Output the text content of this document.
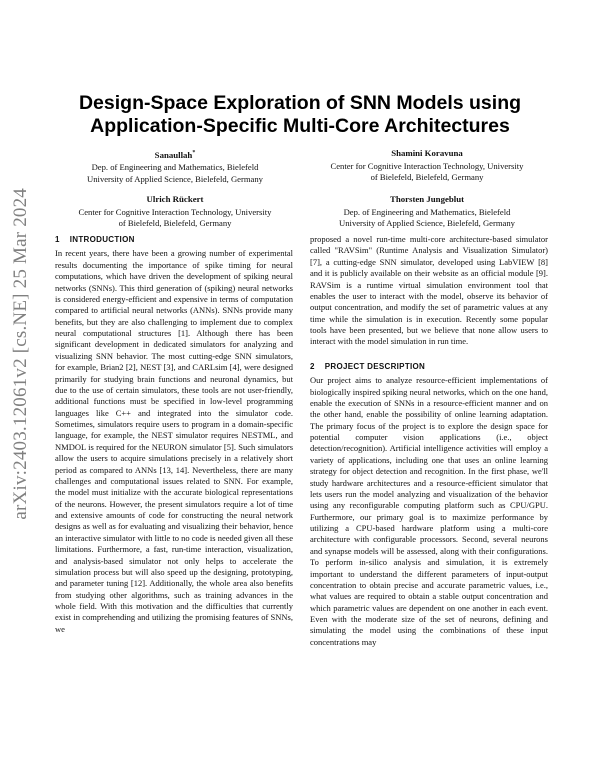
arXiv:2403.12061v2 [cs.NE] 25 Mar 2024
Design-Space Exploration of SNN Models using
Application-Specific Multi-Core Architectures
Sanaullah*
Dep. of Engineering and Mathematics, Bielefeld
University of Applied Science, Bielefeld, Germany
Shamini Koravuna
Center for Cognitive Interaction Technology, University
of Bielefeld, Bielefeld, Germany
Ulrich Rückert
Center for Cognitive Interaction Technology, University
of Bielefeld, Bielefeld, Germany
Thorsten Jungeblut
Dep. of Engineering and Mathematics, Bielefeld
University of Applied Science, Bielefeld, Germany
1 INTRODUCTION

In recent years, there have been a growing number of experimental results documenting the importance of spike timing for neural computations, which have driven the development of spiking neural networks (SNNs). This third generation of (spiking) neural networks is considered energy-efficient and expensive in terms of computation compared to artificial neural networks (ANNs). SNNs provide many benefits, but they are also challenging to implement due to complex neural computational structures [1]. Although there has been significant development in dedicated simulators for analyzing and visualizing SNN behavior. The most cutting-edge SNN simulators, for example, Brian2 [2], NEST [3], and CARLsim [4], were designed primarily for studying brain functions and neuronal dynamics, but due to the use of certain simulators, these tools are not user-friendly, additional functions must be specified in low-level programming languages like C++ and integrated into the simulator code. Sometimes, simulators require users to program in a domain-specific language, for example, the NEST simulator requires NESTML, and NMDOL is required for the NEURON simulator [5]. Such simulators allow the users to acquire simulations precisely in a relatively short period as compared to ANNs [13, 14]. Nevertheless, there are many challenges and computational issues related to SNN. For example, the model must initialize with the accurate biological representations of the neurons. However, the present simulators require a lot of time and extensive amounts of code for constructing the neural network designs as well as for evaluating and visualizing their behavior, hence an interactive simulator with little to no code is needed given all these limitations. Furthermore, a fast, run-time interaction, visualization, and analysis-based simulator not only helps to accelerate the simulation process but will also speed up the designing, prototyping, and parameter tuning [12]. Additionally, the whole area also benefits from studying other algorithms, such as training advances in the whole field. With this motivation and the difficulties that currently exist in comprehending and utilizing the promising features of SNNs, we

proposed a novel run-time multi-core architecture-based simulator called "RAVSim" (Runtime Analysis and Visualization Simulator) [7], a cutting-edge SNN simulator, developed using LabVIEW [8] and it is publicly available on their website as an official module [9]. RAVSim is a runtime virtual simulation environment tool that enables the user to interact with the model, observe its behavior of output concentration, and modify the set of parametric values at any time while the simulation is in execution. Recently some popular tools have been presented, but we believe that none allow users to interact with the model simulation in run time.

2 PROJECT DESCRIPTION

Our project aims to analyze resource-efficient implementations of biologically inspired spiking neural networks, which on the one hand, enable the execution of SNNs in a resource-efficient manner and on the other hand, enable the possibility of online learning adaptation. The primary focus of the project is to explore the design space for potential computer vision applications (i.e., object detection/recognition). Artificial intelligence activities will employ a variety of applications, including one that uses an online learning strategy for object detection and recognition. In the first phase, we'll study hardware architectures and a resource-efficient simulator that lets users run the model analyzing and visualization of the behavior using any reconfigurable computing platform such as CPU/GPU. Furthermore, our primary goal is to maximize performance by utilizing a CPU-based hardware platform using a multi-core architecture with configurable processors. Second, several neurons and synapse models will be assessed, along with their configurations. To perform in-silico analysis and simulation, it is extremely important to understand the different parameters of input-output concentration to obtain precise and accurate parametric values, i.e., what values are required to obtain a stable output concentration and which parametric values are dependent on one another in each event. Even with the moderate size of the set of neurons, defining and simulating the model using the combinations of these input concentrations may
